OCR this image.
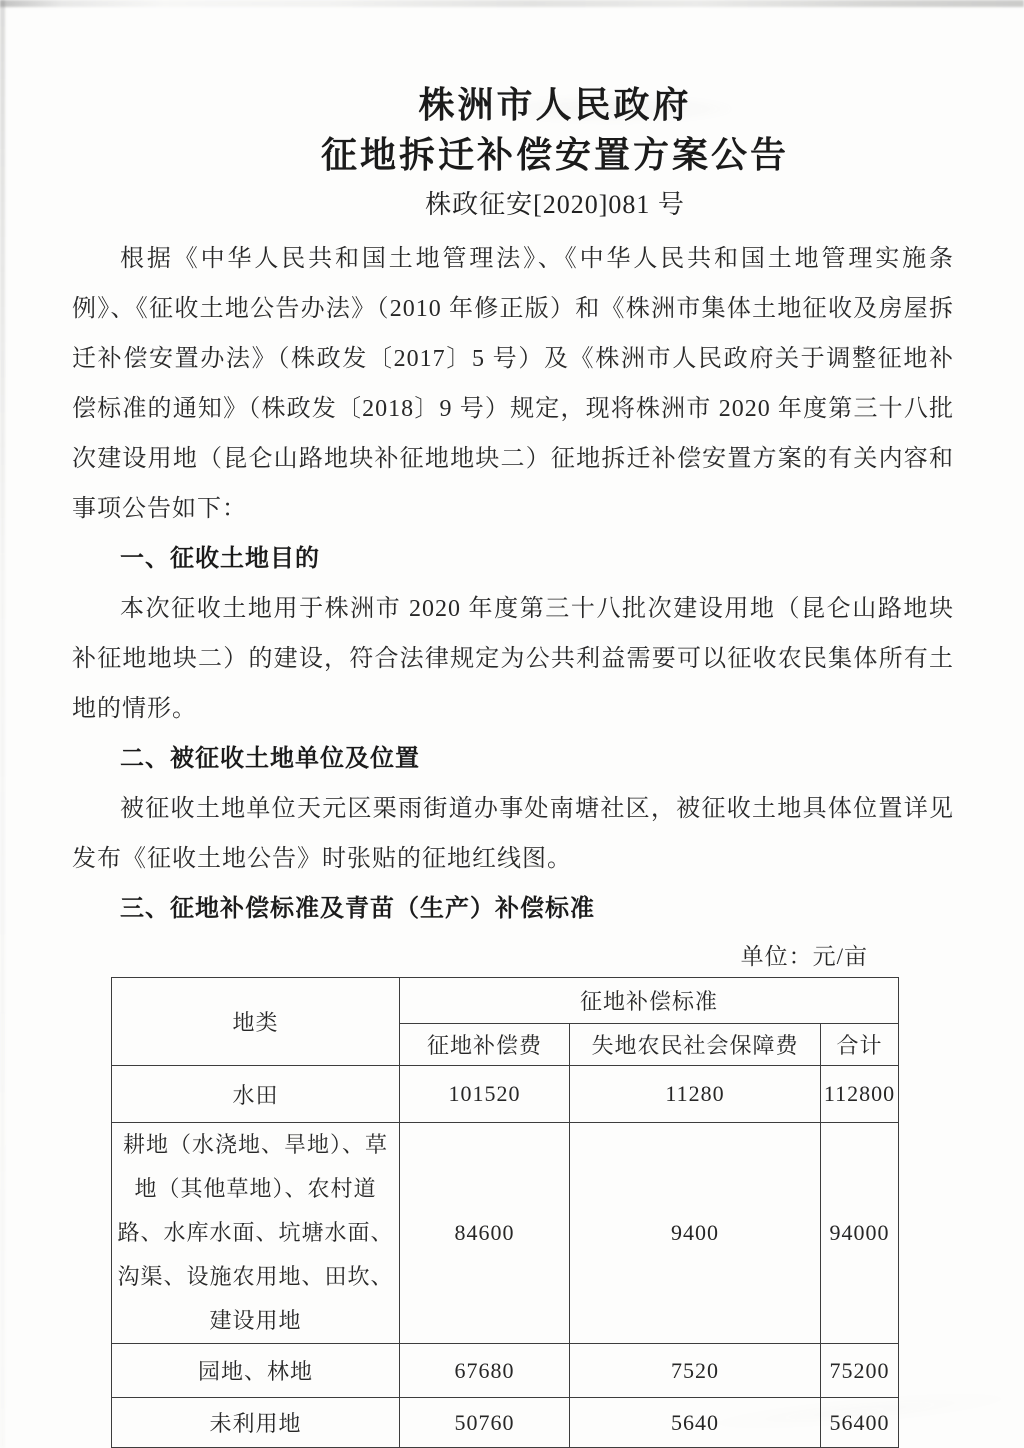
株洲市人民政府
征地拆迁补偿安置方案公告
株政征安[2020]081 号

根据《中华人民共和国土地管理法》、《中华人民共和国土地管理实施条例》、《征收土地公告办法》（2010 年修正版）和《株洲市集体土地征收及房屋拆迁补偿安置办法》（株政发〔2017〕5 号）及《株洲市人民政府关于调整征地补偿标准的通知》（株政发〔2018〕9 号）规定，现将株洲市 2020 年度第三十八批次建设用地（昆仑山路地块补征地地块二）征地拆迁补偿安置方案的有关内容和事项公告如下：

一、征收土地目的

本次征收土地用于株洲市 2020 年度第三十八批次建设用地（昆仑山路地块补征地地块二）的建设，符合法律规定为公共利益需要可以征收农民集体所有土地的情形。

二、被征收土地单位及位置

被征收土地单位天元区栗雨街道办事处南塘社区，被征收土地具体位置详见发布《征收土地公告》时张贴的征地红线图。

三、征地补偿标准及青苗（生产）补偿标准
单位：元/亩
地类	征地补偿标准		
	征地补偿费	失地农民社会保障费	合计
水田	101520	11280	112800
耕地（水浇地、旱地）、草地（其他草地）、农村道路、水库水面、坑塘水面、沟渠、设施农用地、田坎、建设用地	84600	9400	94000
园地、林地	67680	7520	75200
未利用地	50760	5640	56400
